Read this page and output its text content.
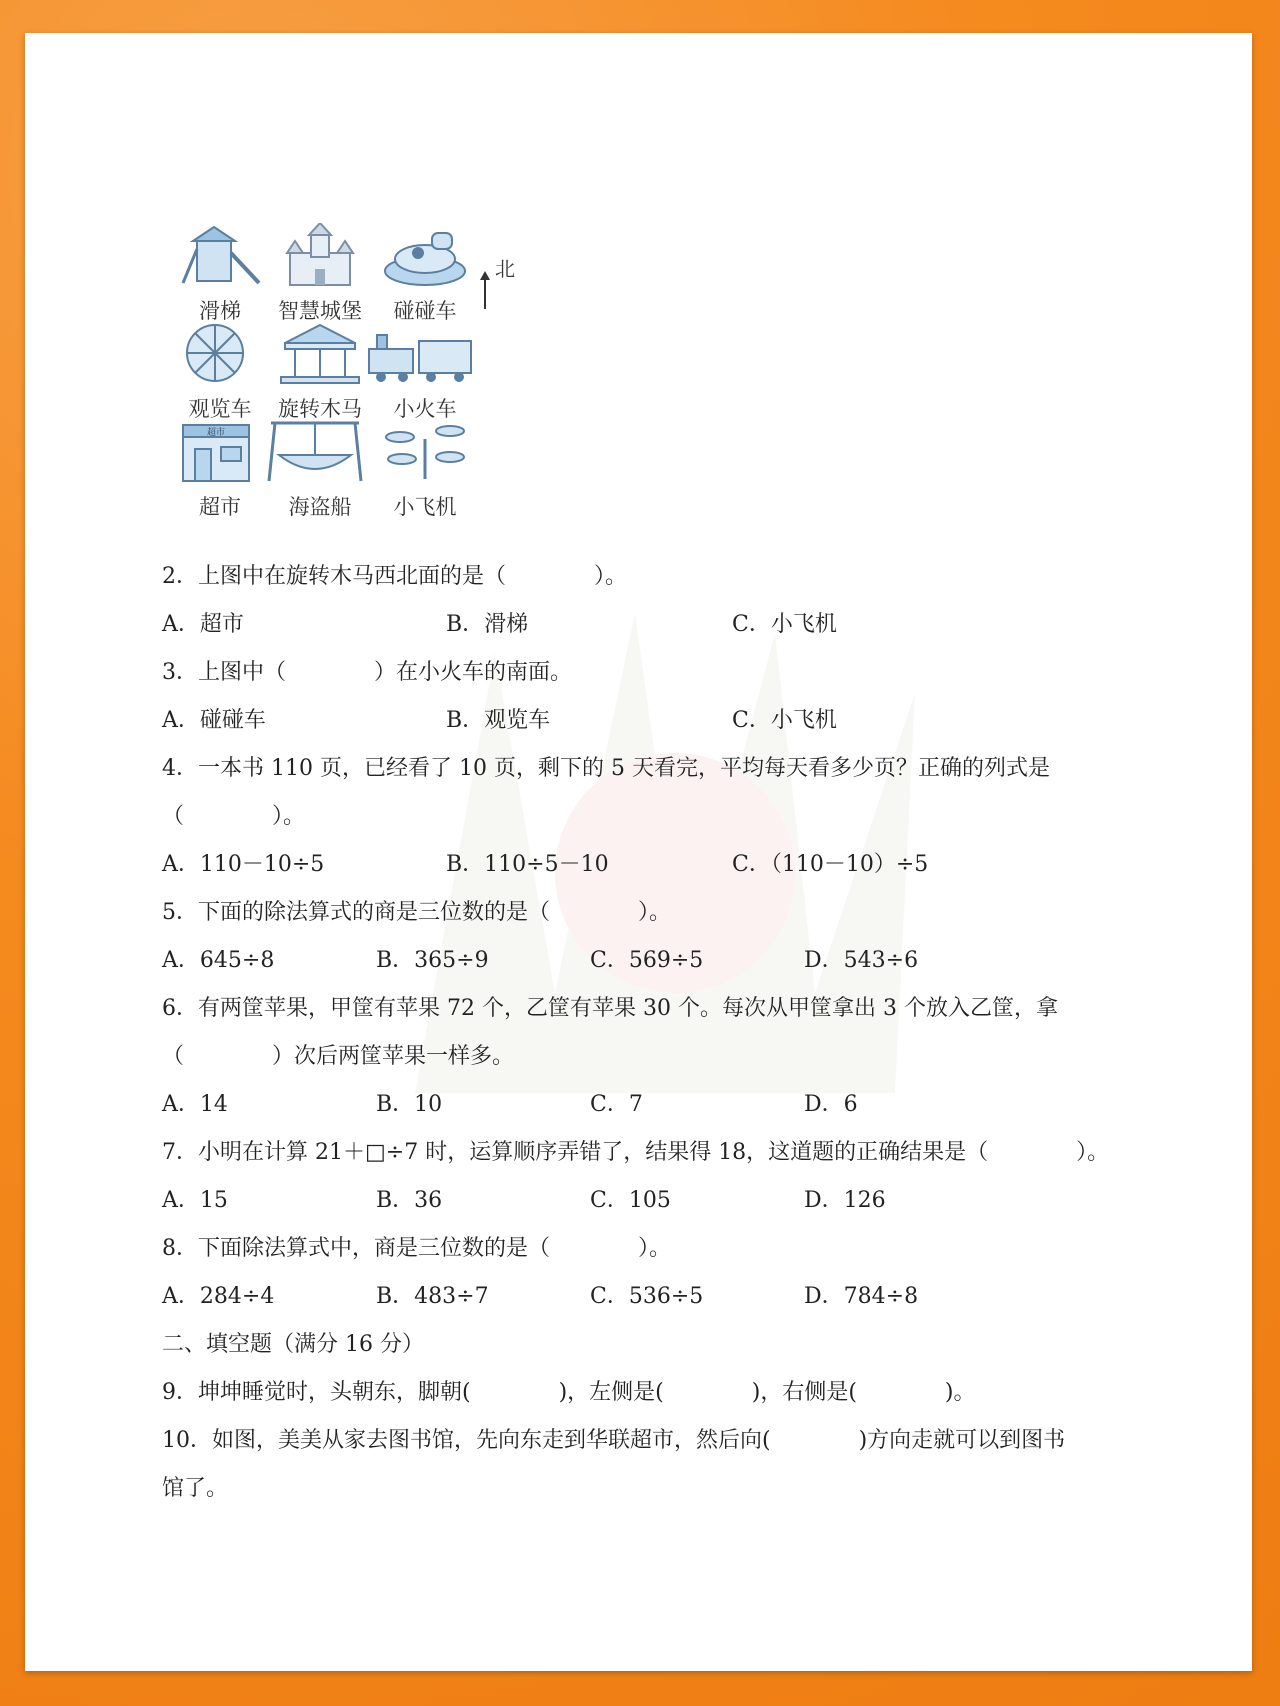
滑梯	智慧城堡	碰碰车
观览车	旋转木马	小火车
超市
超市	海盗船	小飞机
北
2．上图中在旋转木马西北面的是（　　　　）。
A．超市	B．滑梯	C．小飞机
3．上图中（　　　　）在小火车的南面。
A．碰碰车	B．观览车	C．小飞机
4．一本书 110 页，已经看了 10 页，剩下的 5 天看完，平均每天看多少页？正确的列式是
（　　　　）。
A．110－10÷5	B．110÷5－10	C．（110－10）÷5
5．下面的除法算式的商是三位数的是（　　　　）。
A．645÷8	B．365÷9	C．569÷5	D．543÷6
6．有两筐苹果，甲筐有苹果 72 个，乙筐有苹果 30 个。每次从甲筐拿出 3 个放入乙筐，拿
（　　　　）次后两筐苹果一样多。
A．14	B．10	C．7	D．6
7．小明在计算 21＋□÷7 时，运算顺序弄错了，结果得 18，这道题的正确结果是（　　　　）。
A．15	B．36	C．105	D．126
8．下面除法算式中，商是三位数的是（　　　　）。
A．284÷4	B．483÷7	C．536÷5	D．784÷8
二、填空题（满分 16 分）
9．坤坤睡觉时，头朝东，脚朝(　　　　)，左侧是(　　　　)，右侧是(　　　　)。
10．如图，美美从家去图书馆，先向东走到华联超市，然后向(　　　　)方向走就可以到图书
馆了。
